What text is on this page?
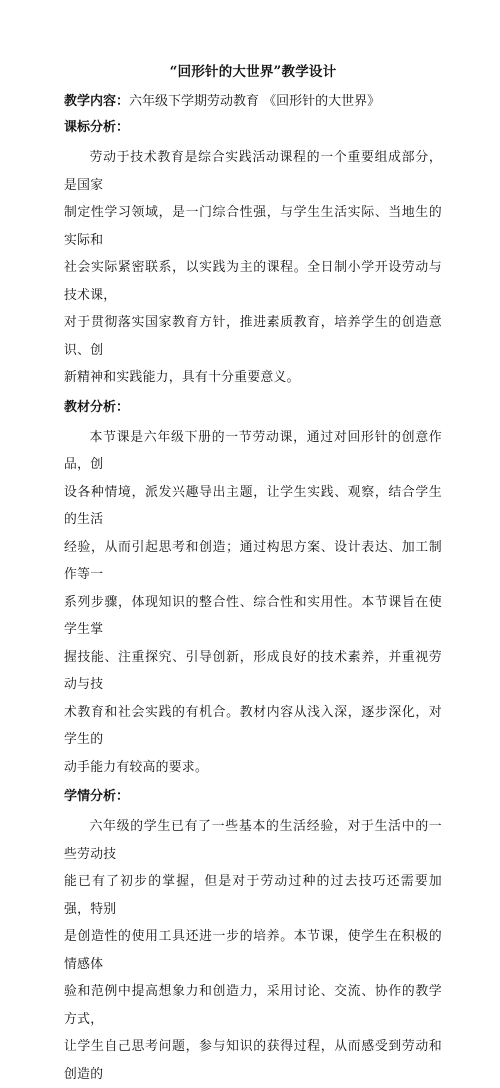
“回形针的大世界”教学设计
教学内容：六年级下学期劳动教育 《回形针的大世界》
课标分析：
劳动于技术教育是综合实践活动课程的一个重要组成部分，是国家
制定性学习领域，是一门综合性强，与学生生活实际、当地生的实际和
社会实际紧密联系，以实践为主的课程。全日制小学开设劳动与技术课，
对于贯彻落实国家教育方针，推进素质教育，培养学生的创造意识、创
新精神和实践能力，具有十分重要意义。
教材分析：
本节课是六年级下册的一节劳动课，通过对回形针的创意作品，创
设各种情境，派发兴趣导出主题，让学生实践、观察，结合学生的生活
经验，从而引起思考和创造；通过构思方案、设计表达、加工制作等一
系列步骤，体现知识的整合性、综合性和实用性。本节课旨在使学生掌
握技能、注重探究、引导创新，形成良好的技术素养，并重视劳动与技
术教育和社会实践的有机合。教材内容从浅入深，逐步深化，对学生的
动手能力有较高的要求。
学情分析：
六年级的学生已有了一些基本的生活经验，对于生活中的一些劳动技
能已有了初步的掌握，但是对于劳动过种的过去技巧还需要加强，特别
是创造性的使用工具还进一步的培养。本节课，使学生在积极的情感体
验和范例中提高想象力和创造力，采用讨论、交流、协作的教学方式，
让学生自己思考问题，参与知识的获得过程，从而感受到劳动和创造的
